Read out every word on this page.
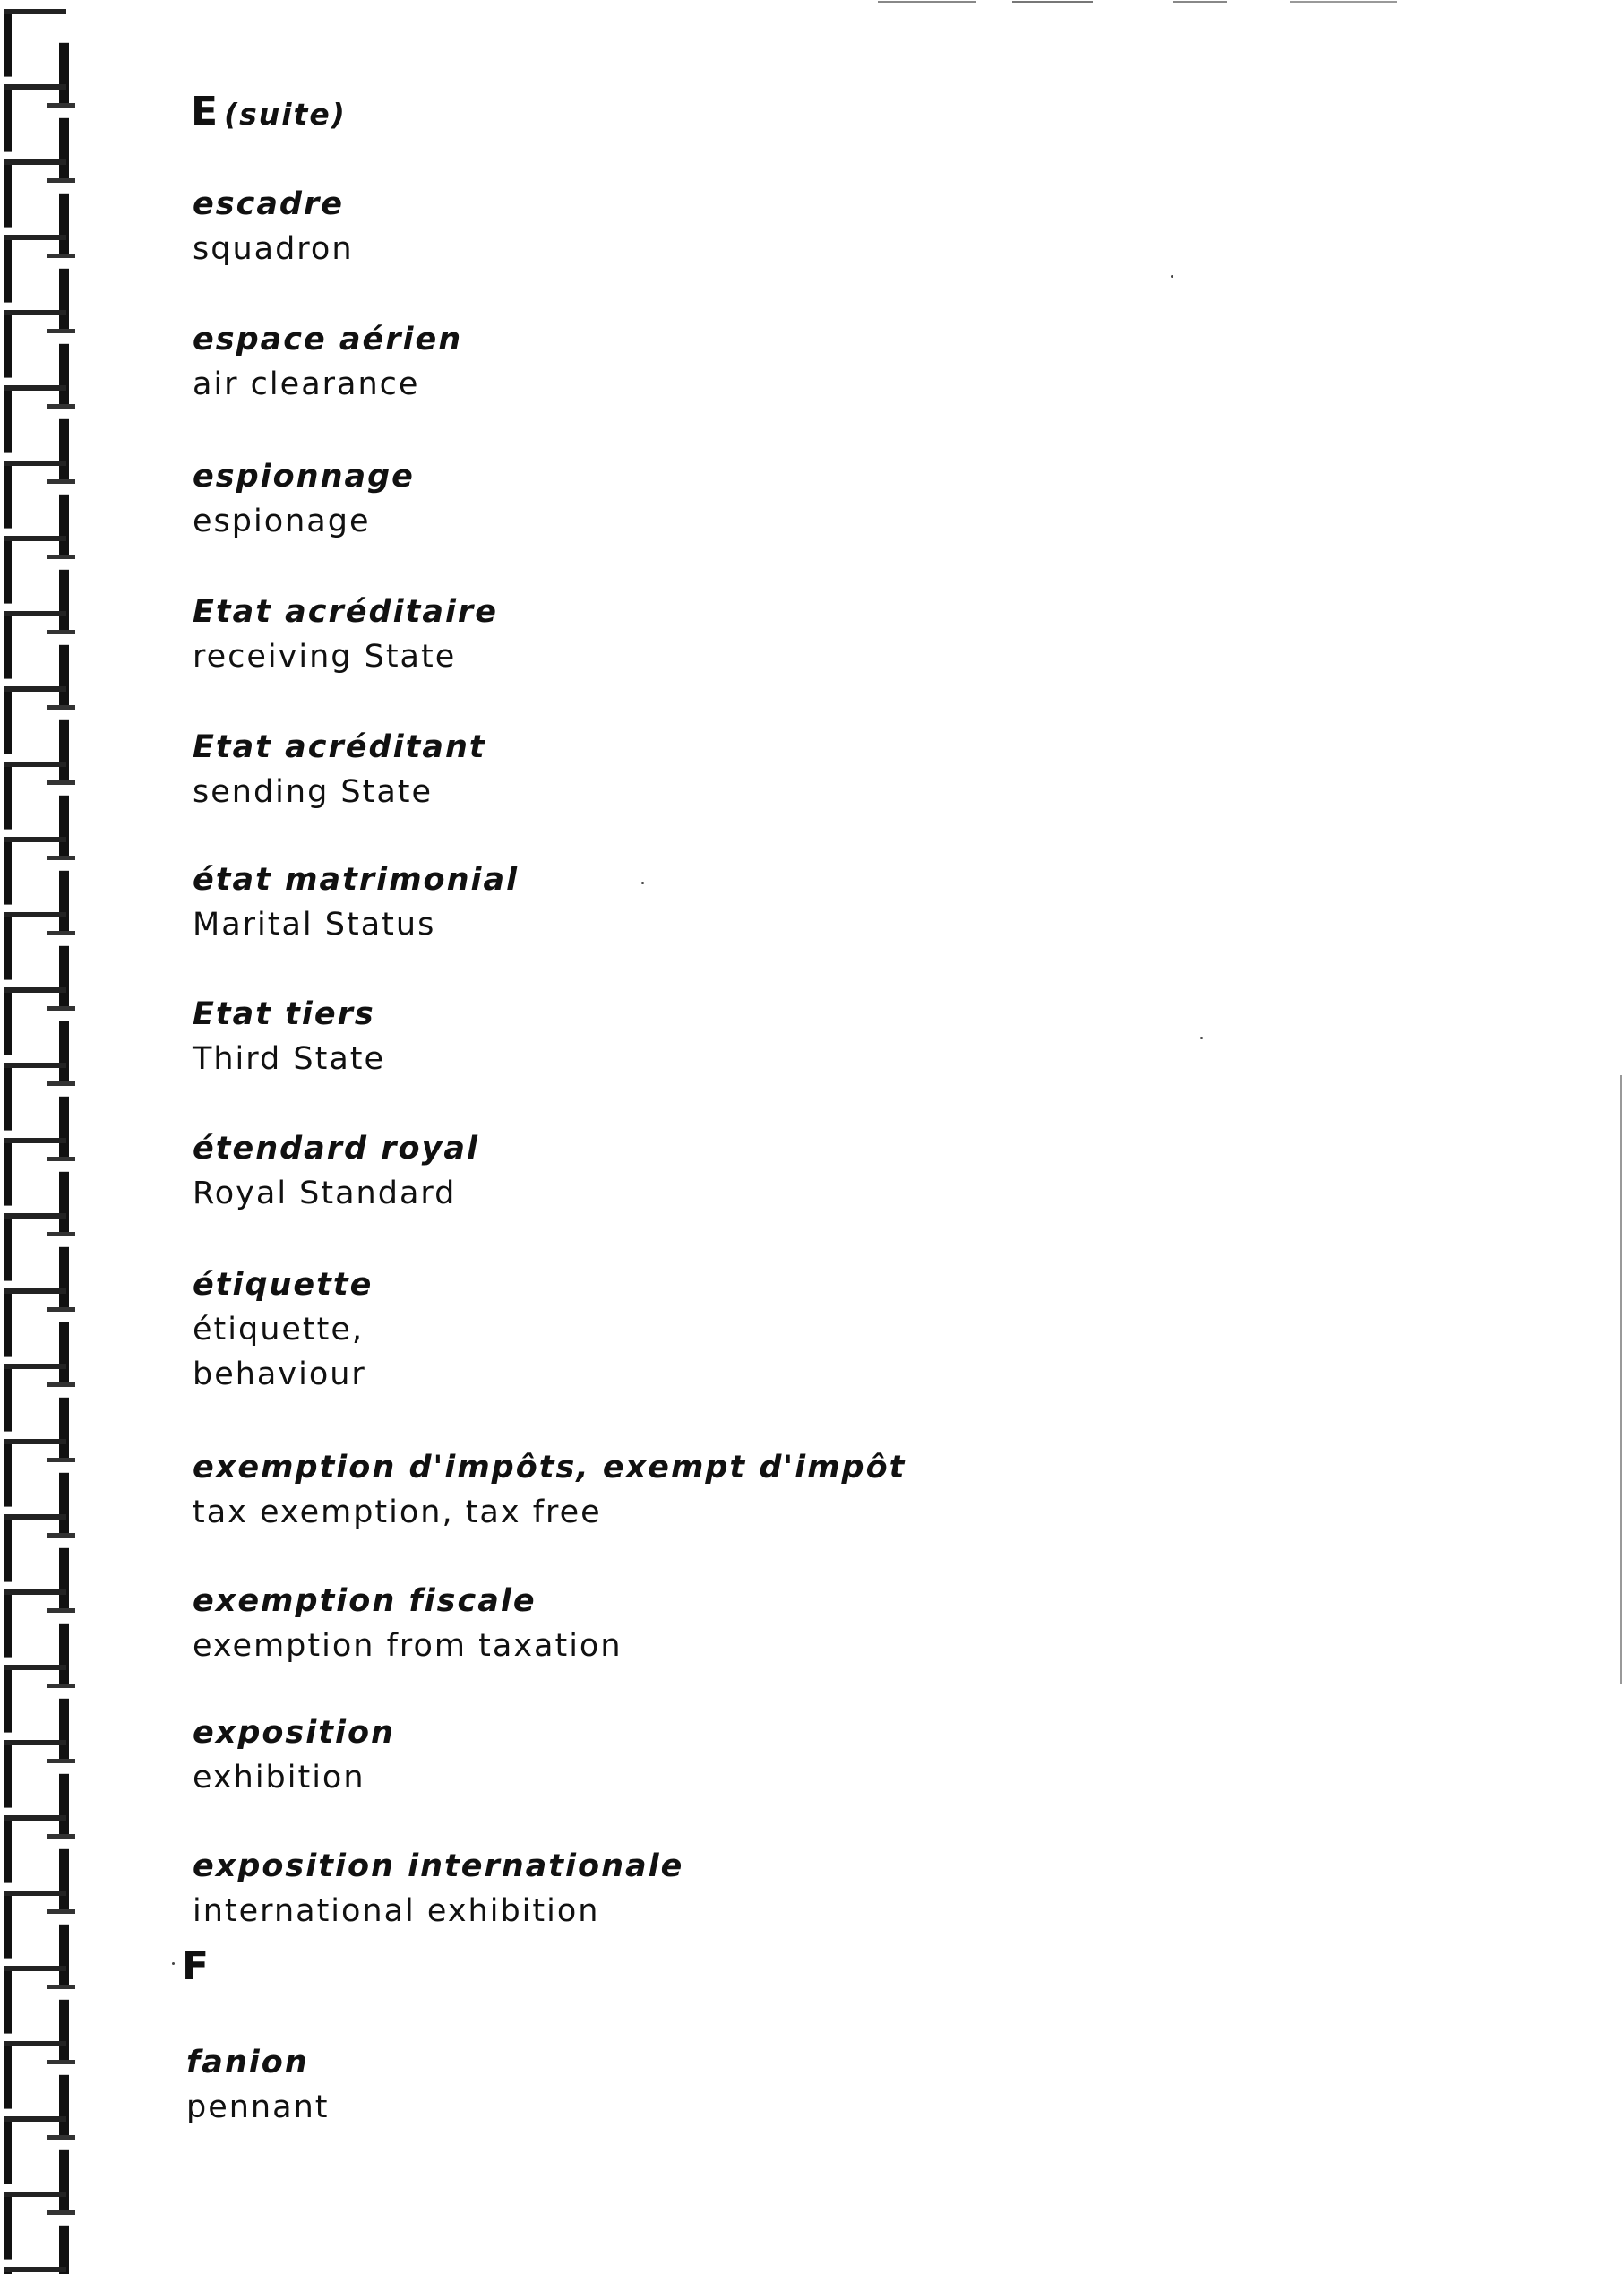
E (suite)
escadre
squadron
espace aérien
air clearance
espionnage
espionage
Etat acréditaire
receiving State
Etat acréditant
sending State
état matrimonial
Marital Status
Etat tiers
Third State
étendard royal
Royal Standard
étiquette
étiquette,
behaviour
exemption d'impôts, exempt d'impôt
tax exemption, tax free
exemption fiscale
exemption from taxation
exposition
exhibition
exposition internationale
international exhibition
F
fanion
pennant
